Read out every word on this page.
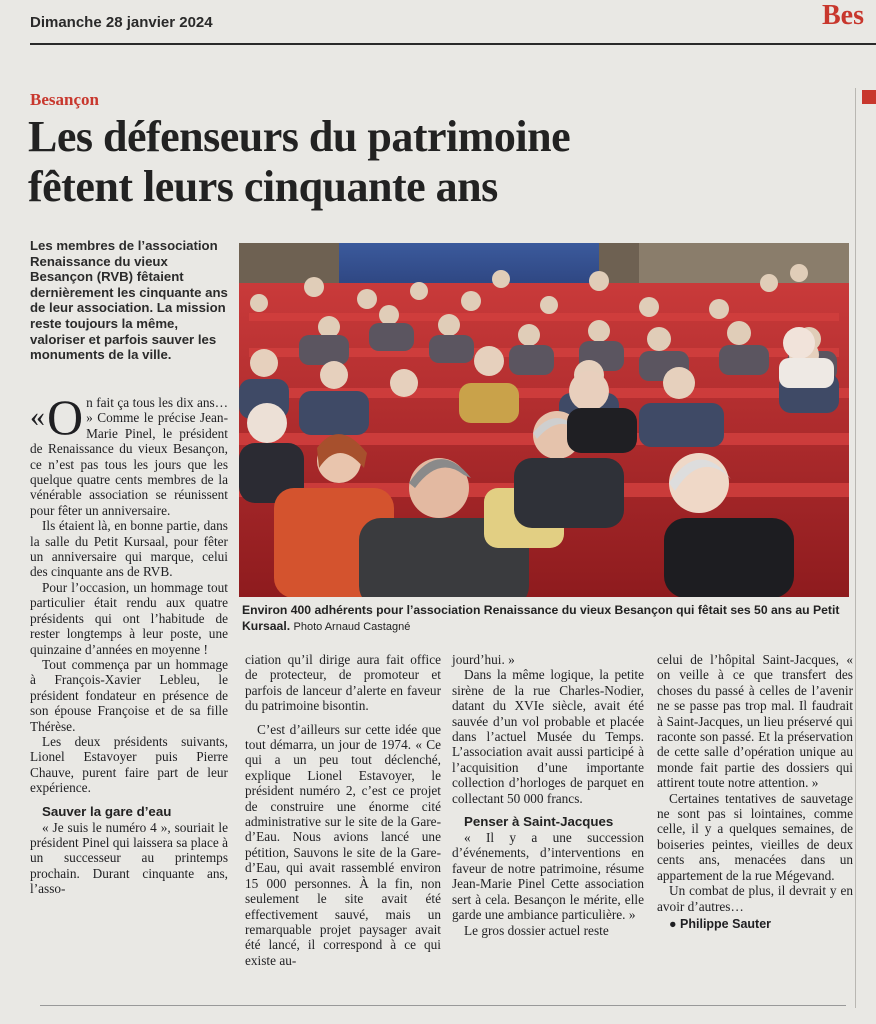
Dimanche 28 janvier 2024	Bes
Besançon
Les défenseurs du patrimoine
fêtent leurs cinquante ans
Les membres de l’association Renaissance du vieux Besançon (RVB) fêtaient dernièrement les cinquante ans de leur association. La mission reste toujours la même, valoriser et parfois sauver les monuments de la ville.

« O n fait ça tous les dix ans… » Comme le précise Jean-Marie Pinel, le président de Renaissance du vieux Besançon, ce n’est pas tous les jours que les quelque quatre cents membres de la vénérable association se réunissent pour fêter un anniversaire.

Ils étaient là, en bonne partie, dans la salle du Petit Kursaal, pour fêter un anniversaire qui marque, celui des cinquante ans de RVB.

Pour l’occasion, un hommage tout particulier était rendu aux quatre présidents qui ont l’habitude de rester longtemps à leur poste, une quinzaine d’années en moyenne !

Tout commença par un hommage à François-Xavier Lebleu, le président fondateur en présence de son épouse Françoise et de sa fille Thérèse.

Les deux présidents suivants, Lionel Estavoyer puis Pierre Chauve, purent faire part de leur expérience.

Sauver la gare d’eau

« Je suis le numéro 4 », souriait le président Pinel qui laissera sa place à un successeur au printemps prochain. Durant cinquante ans, l’asso-

Environ 400 adhérents pour l’association Renaissance du vieux Besançon qui fêtait ses 50 ans au Petit Kursaal. Photo Arnaud Castagné

ciation qu’il dirige aura fait office de protecteur, de promoteur et parfois de lanceur d’alerte en faveur du patrimoine bisontin.

C’est d’ailleurs sur cette idée que tout démarra, un jour de 1974. « Ce qui a un peu tout déclenché, explique Lionel Estavoyer, le président numéro 2, c’est ce projet de construire une énorme cité administrative sur le site de la Gare-d’Eau. Nous avions lancé une pétition, Sauvons le site de la Gare-d’Eau, qui avait rassemblé environ 15 000 personnes. À la fin, non seulement le site avait été effectivement sauvé, mais un remarquable projet paysager avait été lancé, il correspond à ce qui existe au-

jourd’hui. »

Dans la même logique, la petite sirène de la rue Charles-Nodier, datant du XVIe siècle, avait été sauvée d’un vol probable et placée dans l’actuel Musée du Temps. L’association avait aussi participé à l’acquisition d’une importante collection d’horloges de parquet en collectant 50 000 francs.

Penser à Saint-Jacques

« Il y a une succession d’événements, d’interventions en faveur de notre patrimoine, résume Jean-Marie Pinel Cette association sert à cela. Besançon le mérite, elle garde une ambiance particulière. »

Le gros dossier actuel reste

celui de l’hôpital Saint-Jacques, « on veille à ce que transfert des choses du passé à celles de l’avenir ne se passe pas trop mal. Il faudrait à Saint-Jacques, un lieu préservé qui raconte son passé. Et la préservation de cette salle d’opération unique au monde fait partie des dossiers qui attirent toute notre attention. »

Certaines tentatives de sauvetage ne sont pas si lointaines, comme celle, il y a quelques semaines, de boiseries peintes, vieilles de deux cents ans, menacées dans un appartement de la rue Mégevand.

Un combat de plus, il devrait y en avoir d’autres…

● Philippe Sauter
